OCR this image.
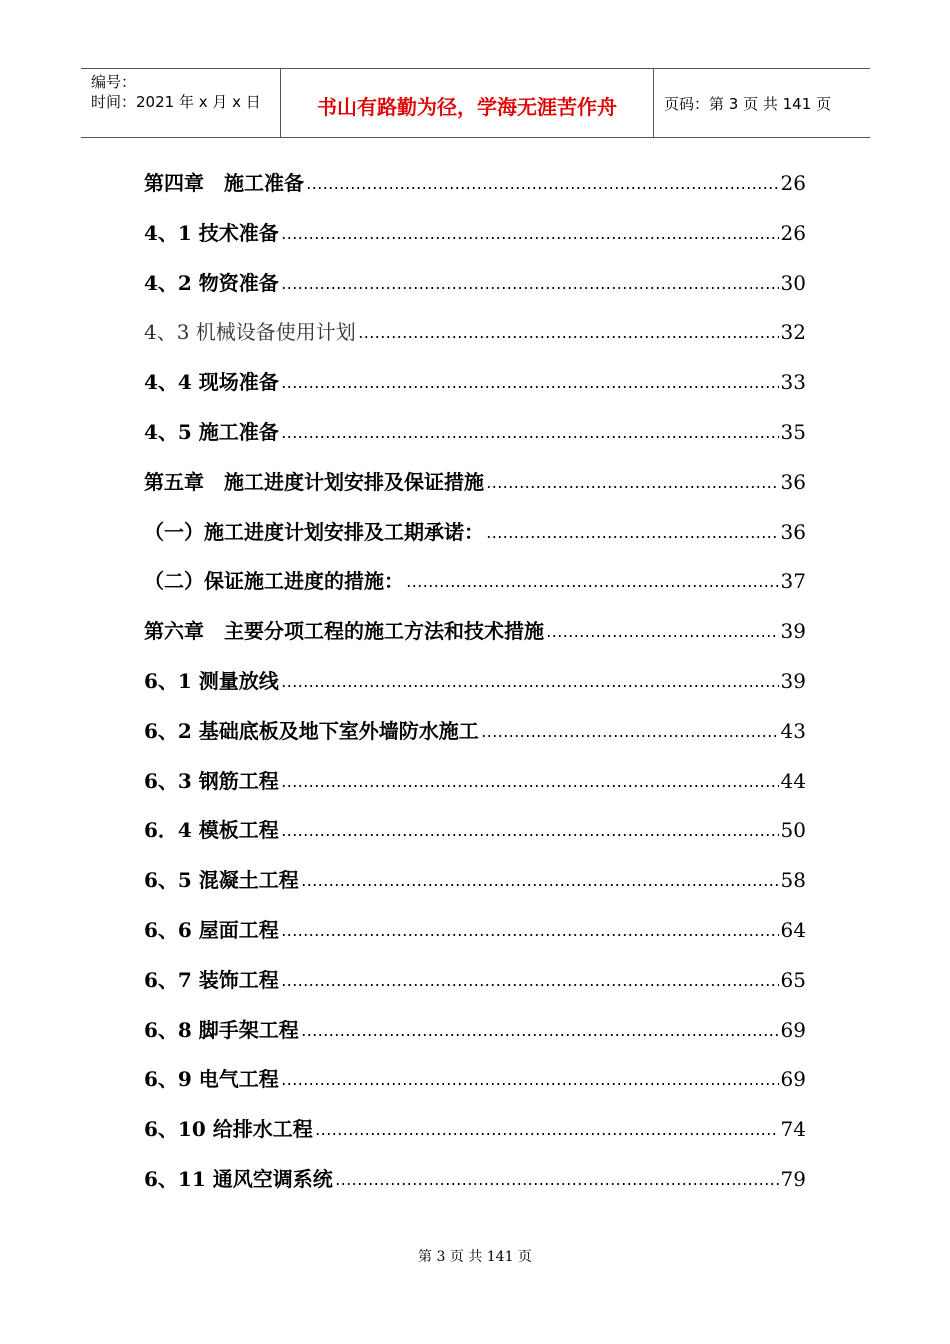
编号：
时间：2021 年 x 月 x 日	书山有路勤为径，学海无涯苦作舟	页码：第 3 页 共 141 页
第四章　施工准备	26
4、1 技术准备	26
4、2 物资准备	30
4、3 机械设备使用计划	32
4、4 现场准备	33
4、5 施工准备	35
第五章　施工进度计划安排及保证措施	36
（一）施工进度计划安排及工期承诺：	36
（二）保证施工进度的措施：	37
第六章　主要分项工程的施工方法和技术措施	39
6、1 测量放线	39
6、2 基础底板及地下室外墙防水施工	43
6、3 钢筋工程	44
6．4 模板工程	50
6、5 混凝土工程	58
6、6 屋面工程	64
6、7 装饰工程	65
6、8 脚手架工程	69
6、9 电气工程	69
6、10 给排水工程	74
6、11 通风空调系统	79
第 3 页 共 141 页
